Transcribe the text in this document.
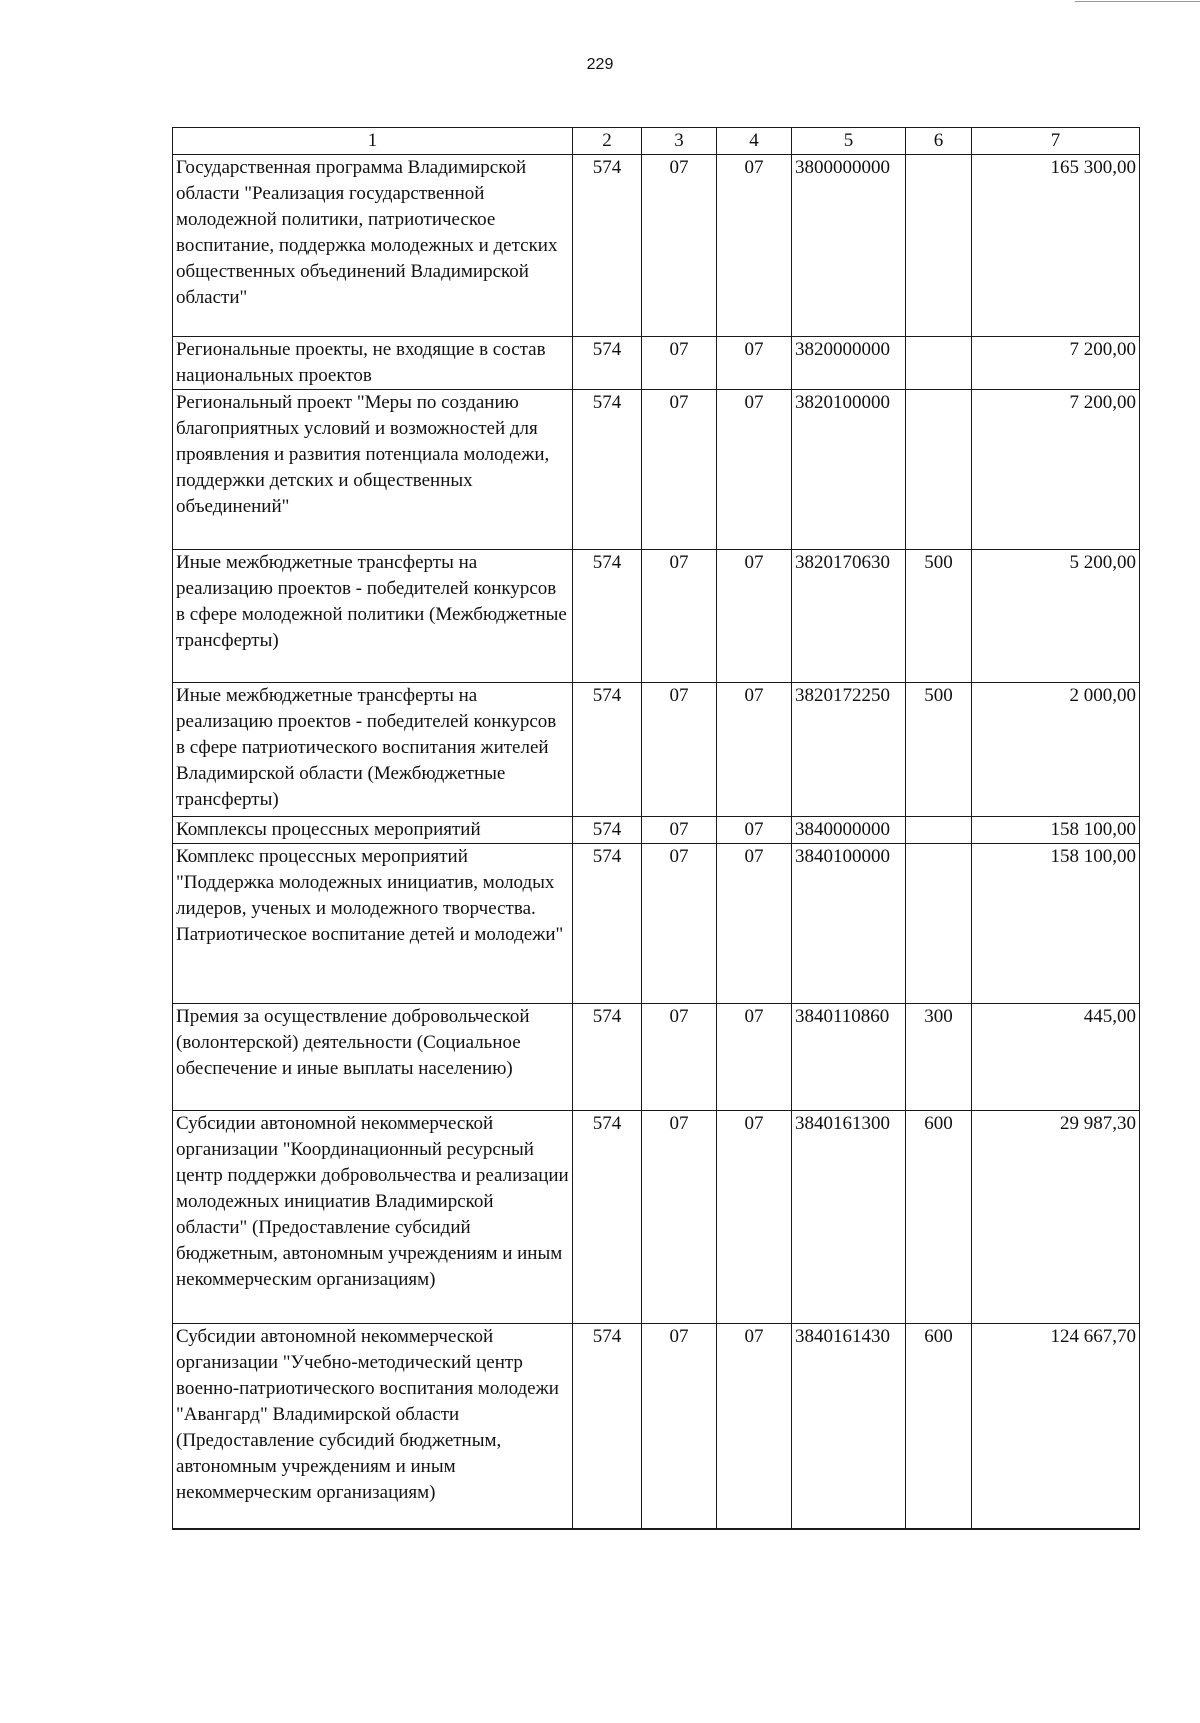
229
1	2	3	4	5	6	7
Государственная программа Владимирской области "Реализация государственной молодежной политики, патриотическое воспитание, поддержка молодежных и детских общественных объединений Владимирской области"	574	07	07	3800000000		165 300,00
Региональные проекты, не входящие в состав национальных проектов	574	07	07	3820000000		7 200,00
Региональный проект "Меры по созданию благоприятных условий и возможностей для проявления и развития потенциала молодежи, поддержки детских и общественных объединений"	574	07	07	3820100000		7 200,00
Иные межбюджетные трансферты на реализацию проектов - победителей конкурсов в сфере молодежной политики (Межбюджетные трансферты)	574	07	07	3820170630	500	5 200,00
Иные межбюджетные трансферты на реализацию проектов - победителей конкурсов в сфере патриотического воспитания жителей Владимирской области (Межбюджетные трансферты)	574	07	07	3820172250	500	2 000,00
Комплексы процессных мероприятий	574	07	07	3840000000		158 100,00
Комплекс процессных мероприятий "Поддержка молодежных инициатив, молодых лидеров, ученых и молодежного творчества. Патриотическое воспитание детей и молодежи"	574	07	07	3840100000		158 100,00
Премия за осуществление добровольческой (волонтерской) деятельности (Социальное обеспечение и иные выплаты населению)	574	07	07	3840110860	300	445,00
Субсидии автономной некоммерческой организации "Координационный ресурсный центр поддержки добровольчества и реализации молодежных инициатив Владимирской области" (Предоставление субсидий бюджетным, автономным учреждениям и иным некоммерческим организациям)	574	07	07	3840161300	600	29 987,30
Субсидии автономной некоммерческой организации "Учебно-методический центр военно-патриотического воспитания молодежи "Авангард" Владимирской области (Предоставление субсидий бюджетным, автономным учреждениям и иным некоммерческим организациям)	574	07	07	3840161430	600	124 667,70
